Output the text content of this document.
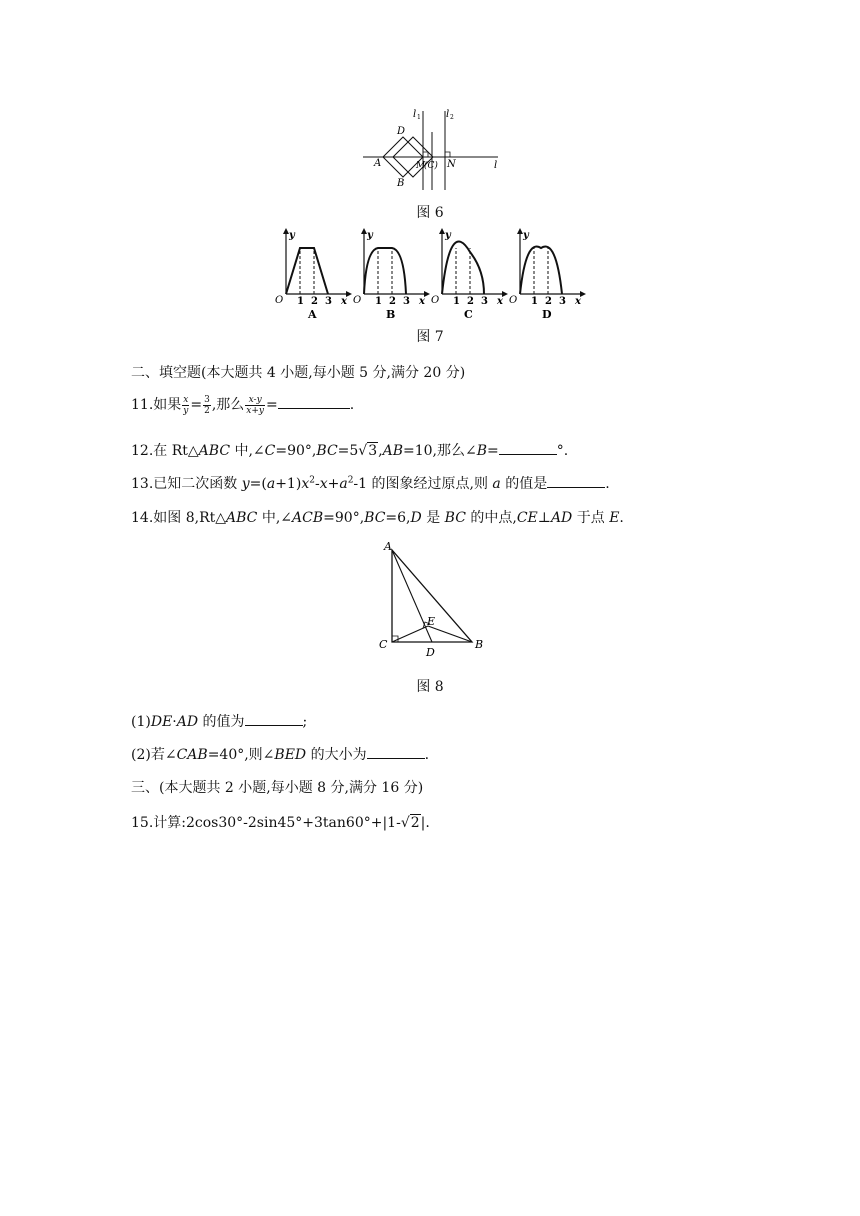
l 1	l 2
l
D
A
B
M
(C) N
图 6
y
O 1 2 3 x
A
y
O 1 2 3 x
B
y
O 1 2 3 x
C
y
O 1 2 3 x
D
图 7
二、填空题(本大题共 4 小题,每小题 5 分,满分 20 分)
11.如果 $\frac{x}{y} = \frac{3}{2}$ ,那么 $\frac{x-y}{x+y}$ =	.
12.在 Rt△ABC 中,∠C=90°,BC=5√3,AB=10,那么∠B=	°.
13.已知二次函数 $y=(a+1)x^2-x+a^2-1$ 的图象经过原点,则 a 的值是	.
14.如图 8,Rt△ABC 中,∠ACB=90°,BC=6,D 是 BC 的中点,CE⊥AD 于点 E.
A
B
C
D
E
图 8
(1)DE·AD 的值为	;
(2)若∠CAB=40°,则∠BED 的大小为	.
三、(本大题共 2 小题,每小题 8 分,满分 16 分)
15.计算:2cos30°-2sin45°+3tan60°+|1-√2|.
